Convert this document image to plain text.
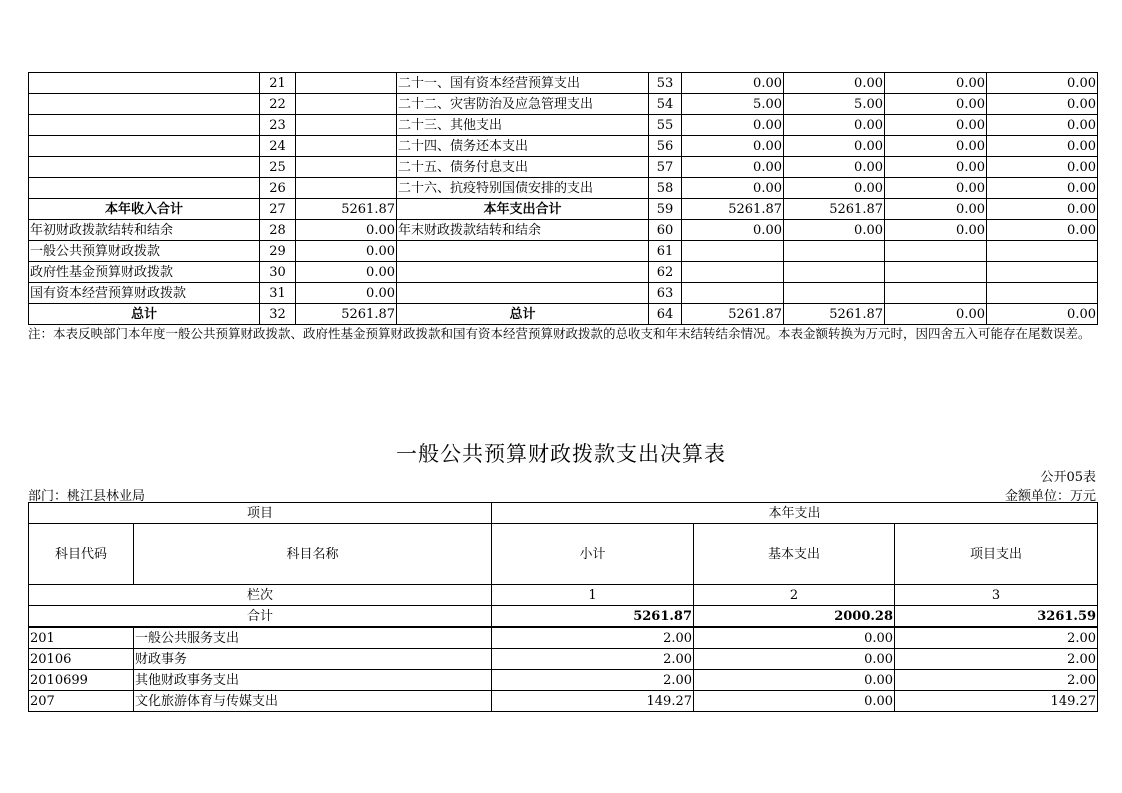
	21		二十一、国有资本经营预算支出	53	0.00	0.00	0.00	0.00
	22		二十二、灾害防治及应急管理支出	54	5.00	5.00	0.00	0.00
	23		二十三、其他支出	55	0.00	0.00	0.00	0.00
	24		二十四、债务还本支出	56	0.00	0.00	0.00	0.00
	25		二十五、债务付息支出	57	0.00	0.00	0.00	0.00
	26		二十六、抗疫特别国债安排的支出	58	0.00	0.00	0.00	0.00
本年收入合计	27	5261.87	本年支出合计	59	5261.87	5261.87	0.00	0.00
年初财政拨款结转和结余	28	0.00	年末财政拨款结转和结余	60	0.00	0.00	0.00	0.00
一般公共预算财政拨款	29	0.00		61				
政府性基金预算财政拨款	30	0.00		62				
国有资本经营预算财政拨款	31	0.00		63				
总计	32	5261.87	总计	64	5261.87	5261.87	0.00	0.00
注：本表反映部门本年度一般公共预算财政拨款、政府性基金预算财政拨款和国有资本经营预算财政拨款的总收支和年末结转结余情况。本表金额转换为万元时，因四舍五入可能存在尾数误差。
一般公共预算财政拨款支出决算表
公开05表
部门：桃江县林业局	金额单位：万元
项目		本年支出		
科目代码	科目名称	小计	基本支出	项目支出
栏次		1	2	3
合计		5261.87	2000.28	3261.59
201	一般公共服务支出	2.00	0.00	2.00
20106	财政事务	2.00	0.00	2.00
2010699	其他财政事务支出	2.00	0.00	2.00
207	文化旅游体育与传媒支出	149.27	0.00	149.27
